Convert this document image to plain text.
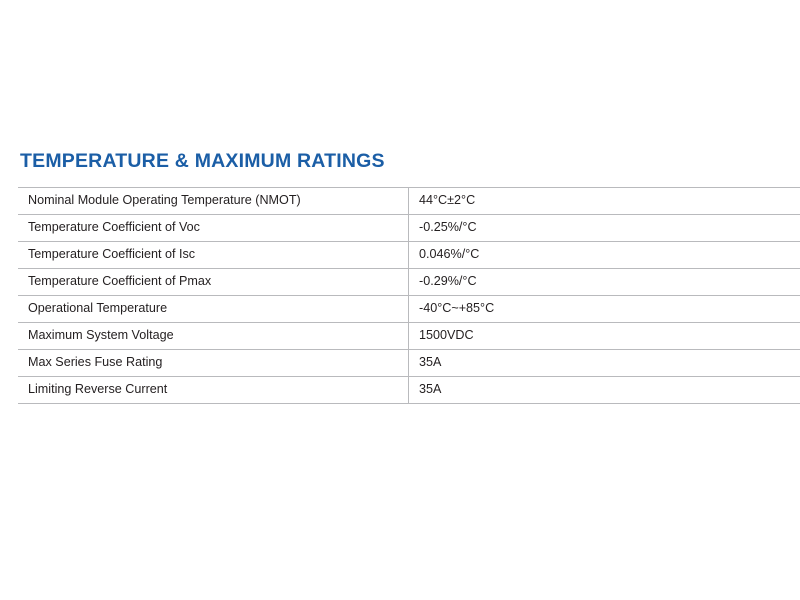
TEMPERATURE & MAXIMUM RATINGS
Nominal Module Operating Temperature (NMOT)	44°C±2°C
Temperature Coefficient of Voc	-0.25%/°C
Temperature Coefficient of Isc	0.046%/°C
Temperature Coefficient of Pmax	-0.29%/°C
Operational Temperature	-40°C~+85°C
Maximum System Voltage	1500VDC
Max Series Fuse Rating	35A
Limiting Reverse Current	35A
